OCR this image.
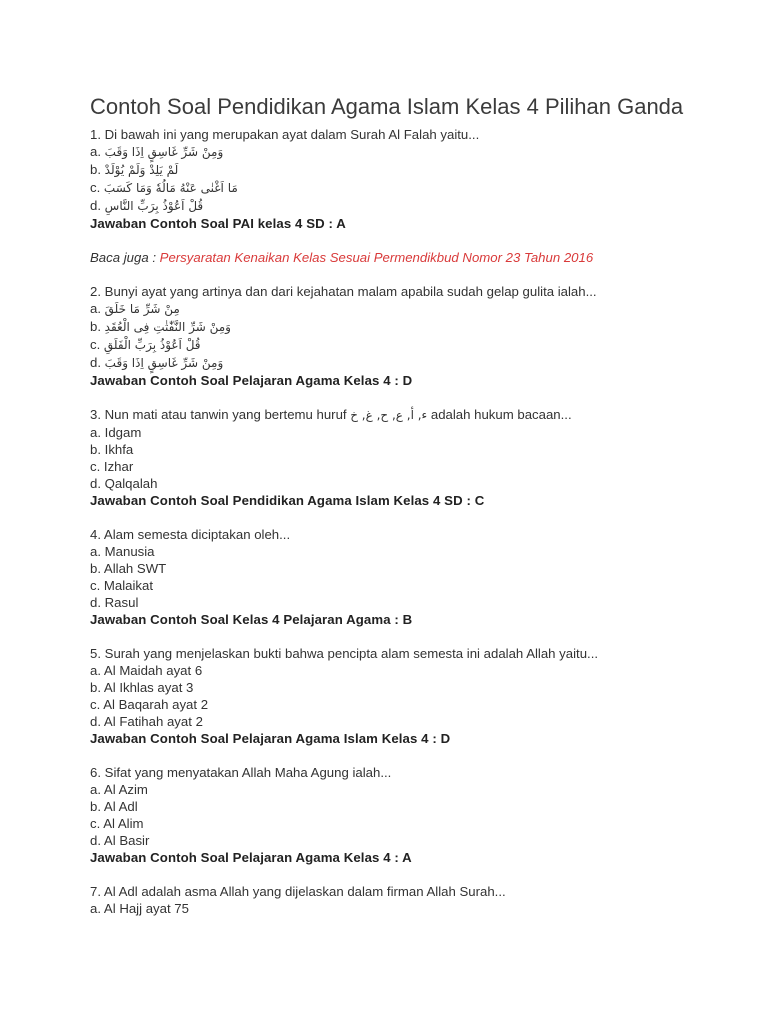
Contoh Soal Pendidikan Agama Islam Kelas 4 Pilihan Ganda
1. Di bawah ini yang merupakan ayat dalam Surah Al Falah yaitu...
a. وَمِنْ شَرِّ غَاسِقٍ اِذَا وَقَبَ
b. لَمْ يَلِدْ وَلَمْ يُوْلَدْ
c. مَا اَغْنٰى عَنْهُ مَالُهٗ وَمَا كَسَبَ
d. قُلْ اَعُوْذُ بِرَبِّ النَّاسِ
Jawaban Contoh Soal PAI kelas 4 SD : A
Baca juga : Persyaratan Kenaikan Kelas Sesuai Permendikbud Nomor 23 Tahun 2016
2. Bunyi ayat yang artinya dan dari kejahatan malam apabila sudah gelap gulita ialah...
a. مِنْ شَرِّ مَا خَلَقَ
b. وَمِنْ شَرِّ النَّفّٰثٰتِ فِى الْعُقَدِ
c. قُلْ اَعُوْذُ بِرَبِّ الْفَلَقِ
d. وَمِنْ شَرِّ غَاسِقٍ اِذَا وَقَبَ
Jawaban Contoh Soal Pelajaran Agama Kelas 4 : D
3. Nun mati atau tanwin yang bertemu huruf ء, ﺃ, ﻉ, ﺡ, ﻍ, ﺥ adalah hukum bacaan...
a. Idgam
b. Ikhfa
c. Izhar
d. Qalqalah
Jawaban Contoh Soal Pendidikan Agama Islam Kelas 4 SD : C
4. Alam semesta diciptakan oleh...
a. Manusia
b. Allah SWT
c. Malaikat
d. Rasul
Jawaban Contoh Soal Kelas 4 Pelajaran Agama : B
5. Surah yang menjelaskan bukti bahwa pencipta alam semesta ini adalah Allah yaitu...
a. Al Maidah ayat 6
b. Al Ikhlas ayat 3
c. Al Baqarah ayat 2
d. Al Fatihah ayat 2
Jawaban Contoh Soal Pelajaran Agama Islam Kelas 4 : D
6. Sifat yang menyatakan Allah Maha Agung ialah...
a. Al Azim
b. Al Adl
c. Al Alim
d. Al Basir
Jawaban Contoh Soal Pelajaran Agama Kelas 4 : A
7. Al Adl adalah asma Allah yang dijelaskan dalam firman Allah Surah...
a. Al Hajj ayat 75
